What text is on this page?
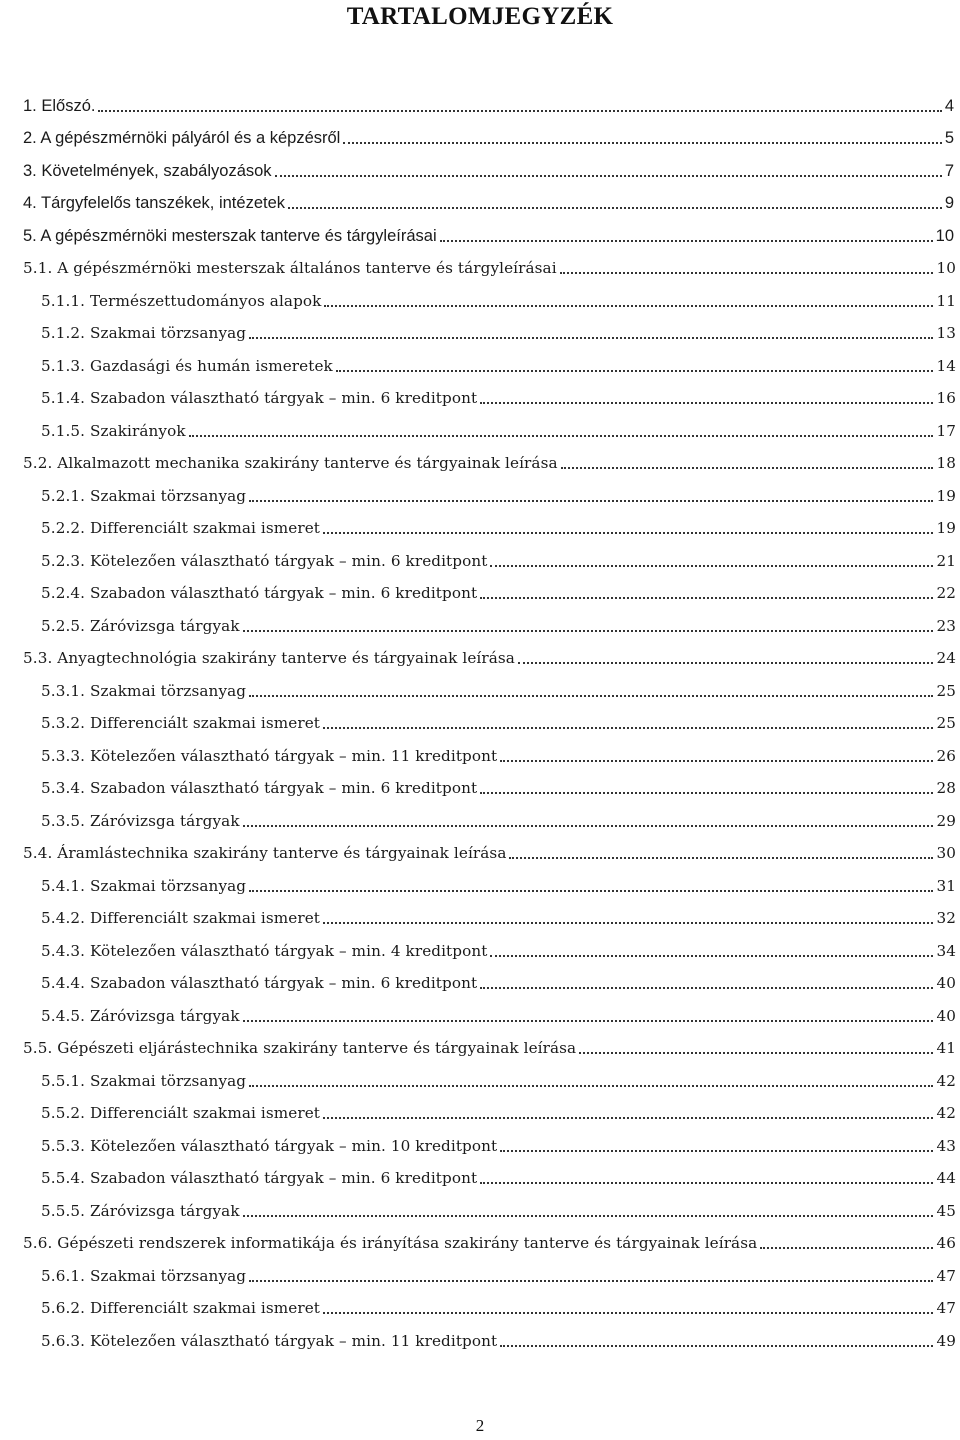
TARTALOMJEGYZÉK
1. Előszó.	4
2. A gépészmérnöki pályáról és a képzésről	5
3. Követelmények, szabályozások	7
4. Tárgyfelelős tanszékek, intézetek	9
5. A gépészmérnöki mesterszak tanterve és tárgyleírásai	10
5.1. A gépészmérnöki mesterszak általános tanterve és tárgyleírásai	10
5.1.1. Természettudományos alapok	11
5.1.2. Szakmai törzsanyag	13
5.1.3. Gazdasági és humán ismeretek	14
5.1.4. Szabadon választható tárgyak – min. 6 kreditpont	16
5.1.5. Szakirányok	17
5.2. Alkalmazott mechanika szakirány tanterve és tárgyainak leírása	18
5.2.1. Szakmai törzsanyag	19
5.2.2. Differenciált szakmai ismeret	19
5.2.3. Kötelezően választható tárgyak – min. 6 kreditpont	21
5.2.4. Szabadon választható tárgyak – min. 6 kreditpont	22
5.2.5. Záróvizsga tárgyak	23
5.3. Anyagtechnológia szakirány tanterve és tárgyainak leírása	24
5.3.1. Szakmai törzsanyag	25
5.3.2. Differenciált szakmai ismeret	25
5.3.3. Kötelezően választható tárgyak – min. 11 kreditpont	26
5.3.4. Szabadon választható tárgyak – min. 6 kreditpont	28
5.3.5. Záróvizsga tárgyak	29
5.4. Áramlástechnika szakirány tanterve és tárgyainak leírása	30
5.4.1. Szakmai törzsanyag	31
5.4.2. Differenciált szakmai ismeret	32
5.4.3. Kötelezően választható tárgyak – min. 4 kreditpont	34
5.4.4. Szabadon választható tárgyak – min. 6 kreditpont	40
5.4.5. Záróvizsga tárgyak	40
5.5. Gépészeti eljárástechnika szakirány tanterve és tárgyainak leírása	41
5.5.1. Szakmai törzsanyag	42
5.5.2. Differenciált szakmai ismeret	42
5.5.3. Kötelezően választható tárgyak – min. 10 kreditpont	43
5.5.4. Szabadon választható tárgyak – min. 6 kreditpont	44
5.5.5. Záróvizsga tárgyak	45
5.6. Gépészeti rendszerek informatikája és irányítása szakirány tanterve és tárgyainak leírása	46
5.6.1. Szakmai törzsanyag	47
5.6.2. Differenciált szakmai ismeret	47
5.6.3. Kötelezően választható tárgyak – min. 11 kreditpont	49
2
